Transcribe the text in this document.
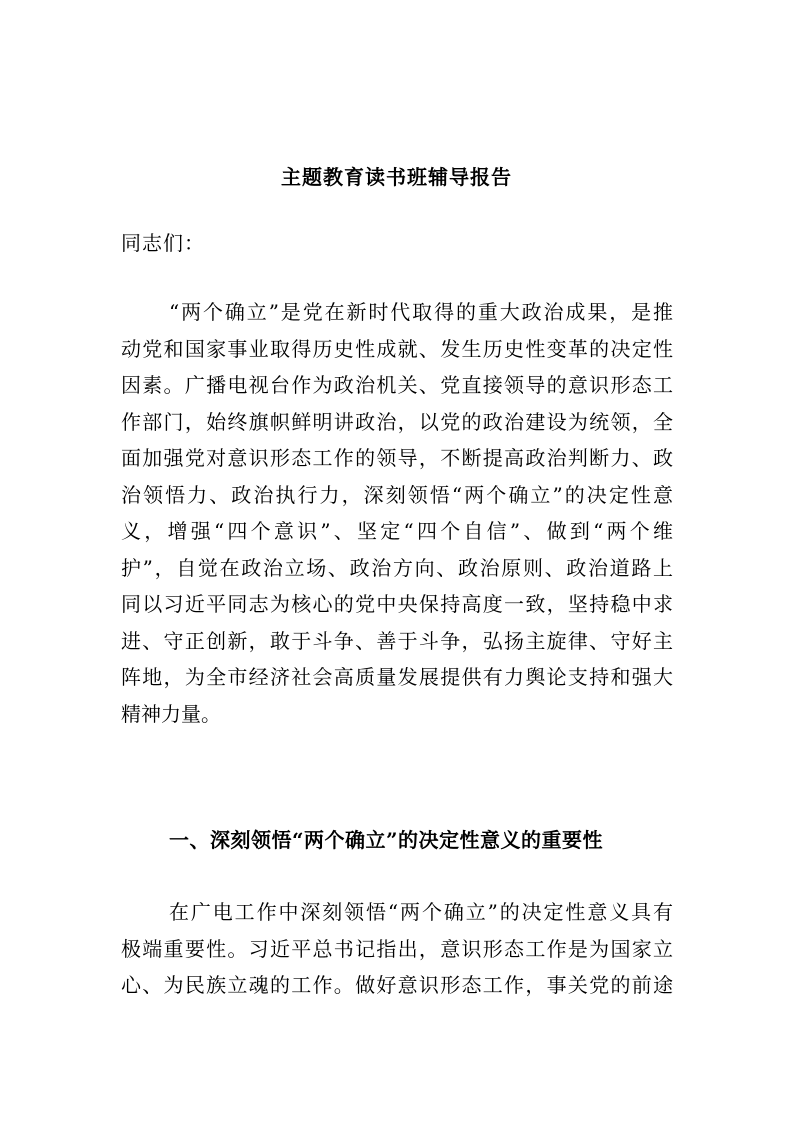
主题教育读书班辅导报告
同志们：
“两个确立”是党在新时代取得的重大政治成果，是推
动党和国家事业取得历史性成就、发生历史性变革的决定性
因素。广播电视台作为政治机关、党直接领导的意识形态工
作部门，始终旗帜鲜明讲政治，以党的政治建设为统领，全
面加强党对意识形态工作的领导，不断提高政治判断力、政
治领悟力、政治执行力，深刻领悟“两个确立”的决定性意
义，增强“四个意识”、坚定“四个自信”、做到“两个维
护”，自觉在政治立场、政治方向、政治原则、政治道路上
同以习近平同志为核心的党中央保持高度一致，坚持稳中求
进、守正创新，敢于斗争、善于斗争，弘扬主旋律、守好主
阵地，为全市经济社会高质量发展提供有力舆论支持和强大
精神力量。
一、深刻领悟“两个确立”的决定性意义的重要性
在广电工作中深刻领悟“两个确立”的决定性意义具有
极端重要性。习近平总书记指出，意识形态工作是为国家立
心、为民族立魂的工作。做好意识形态工作，事关党的前途
